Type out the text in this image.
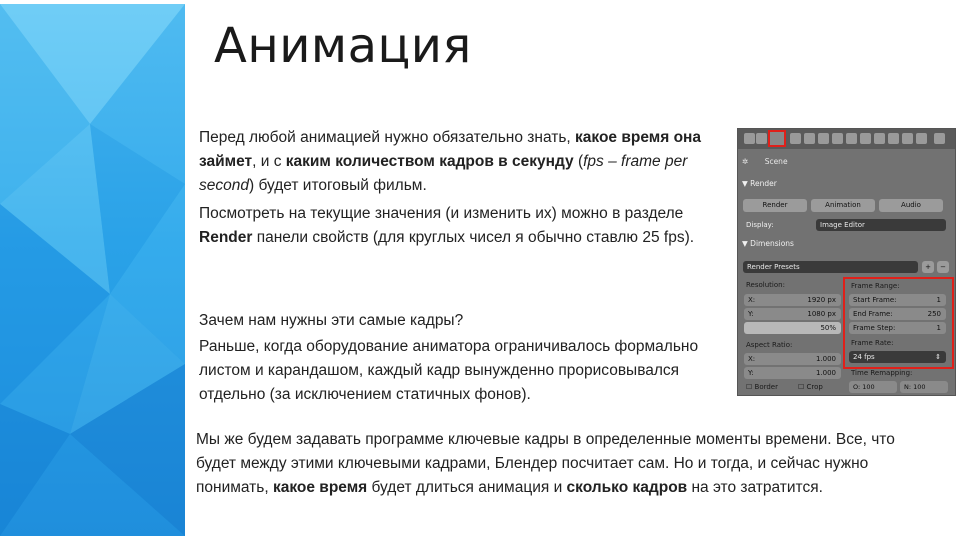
Анимация
Перед любой анимацией нужно обязательно знать, какое время она займет, и с каким количеством кадров в секунду (fps – frame per second) будет итоговый фильм.
Посмотреть на текущие значения (и изменить их) можно в разделе Render панели свойств (для круглых чисел я обычно ставлю 25 fps).
Зачем нам нужны эти самые кадры?
Раньше, когда оборудование аниматора ограничивалось формально листом и карандашом, каждый кадр вынужденно прорисовывался отдельно (за исключением статичных фонов).
Мы же будем задавать программе ключевые кадры в определенные моменты времени. Все, что будет между этими ключевыми кадрами, Блендер посчитает сам. Но и тогда, и сейчас нужно понимать, какое время будет длиться анимация и сколько кадров на это затратится.
✲ Scene
▼ Render
Render	Animation	Audio
Display:	Image Editor
▼ Dimensions
Render Presets	+	−
Resolution:
X:	1920 px
Y:	1080 px
50%
Aspect Ratio:
X:	1.000
Y:	1.000
Frame Range:
Start Frame:	1
End Frame:	250
Frame Step:	1
Frame Rate:
24 fps	⇕
Time Remapping:
☐ Border	☐ Crop	O: 100	N: 100
